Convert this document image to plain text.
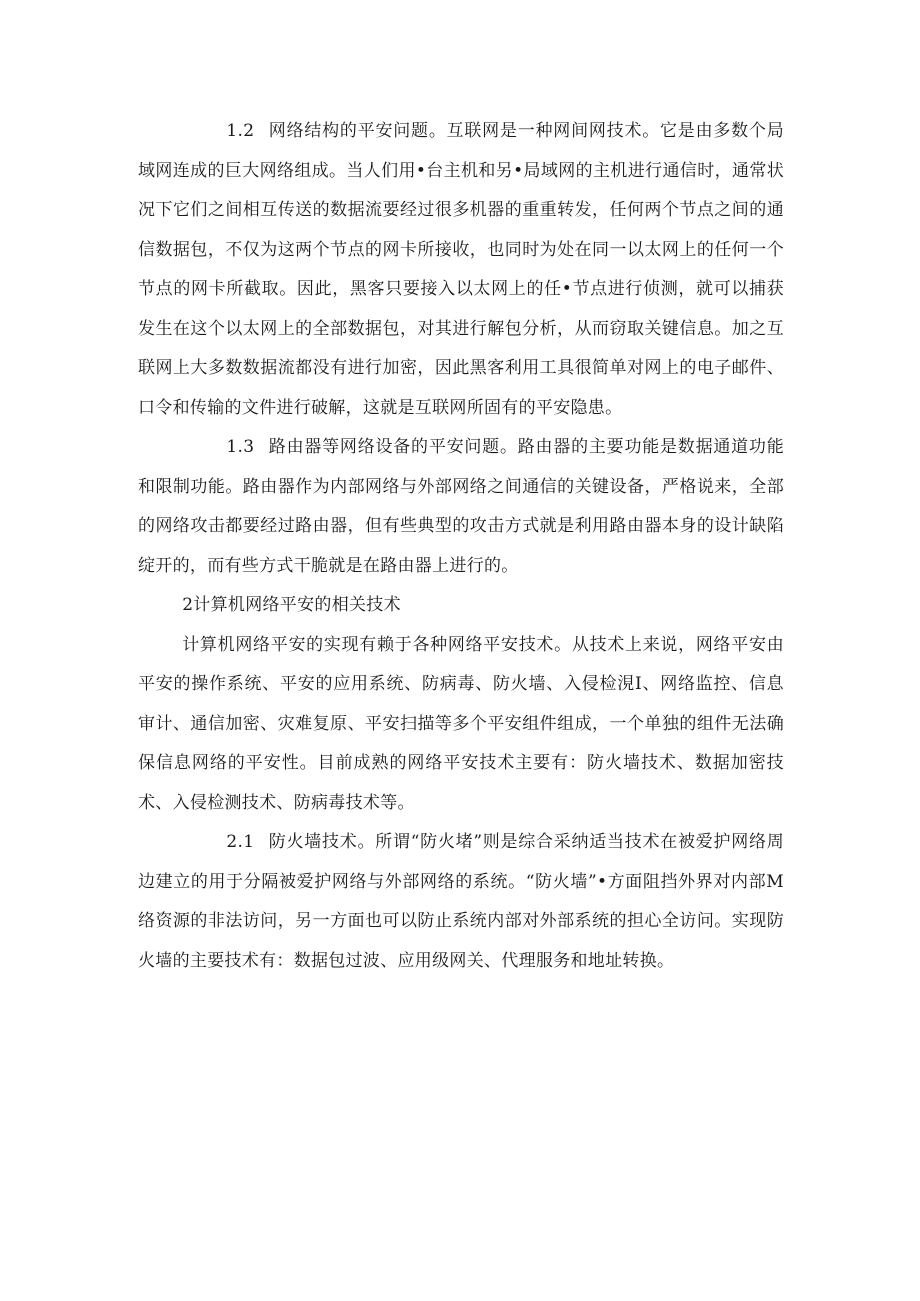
1.2 网络结构的平安问题。互联网是一种网间网技术。它是由多数个局域网连成的巨大网络组成。当人们用•台主机和另•局域网的主机进行通信时，通常状况下它们之间相互传送的数据流要经过很多机器的重重转发，任何两个节点之间的通信数据包，不仅为这两个节点的网卡所接收，也同时为处在同一以太网上的任何一个节点的网卡所截取。因此，黑客只要接入以太网上的任•节点进行侦测，就可以捕获发生在这个以太网上的全部数据包，对其进行解包分析，从而窃取关键信息。加之互联网上大多数数据流都没有进行加密，因此黑客利用工具很简单对网上的电子邮件、口令和传输的文件进行破解，这就是互联网所固有的平安隐患。

1.3 路由器等网络设备的平安问题。路由器的主要功能是数据通道功能和限制功能。路由器作为内部网络与外部网络之间通信的关键设备，严格说来，全部的网络攻击都要经过路由器，但有些典型的攻击方式就是利用路由器本身的设计缺陷绽开的，而有些方式干脆就是在路由器上进行的。

2计算机网络平安的相关技术

计算机网络平安的实现有赖于各种网络平安技术。从技术上来说，网络平安由平安的操作系统、平安的应用系统、防病毒、防火墙、入侵检涀I、网络监控、信息审计、通信加密、灾难复原、平安扫描等多个平安组件组成，一个单独的组件无法确保信息网络的平安性。目前成熟的网络平安技术主要有：防火墙技术、数据加密技术、入侵检测技术、防病毒技术等。

2.1 防火墙技术。所谓“防火堵”则是综合采纳适当技术在被爱护网络周边建立的用于分隔被爱护网络与外部网络的系统。“防火墙”•方面阻挡外界对内部M络资源的非法访问，另一方面也可以防止系统内部对外部系统的担心全访问。实现防火墙的主要技术有：数据包过波、应用级网关、代理服务和地址转换。
